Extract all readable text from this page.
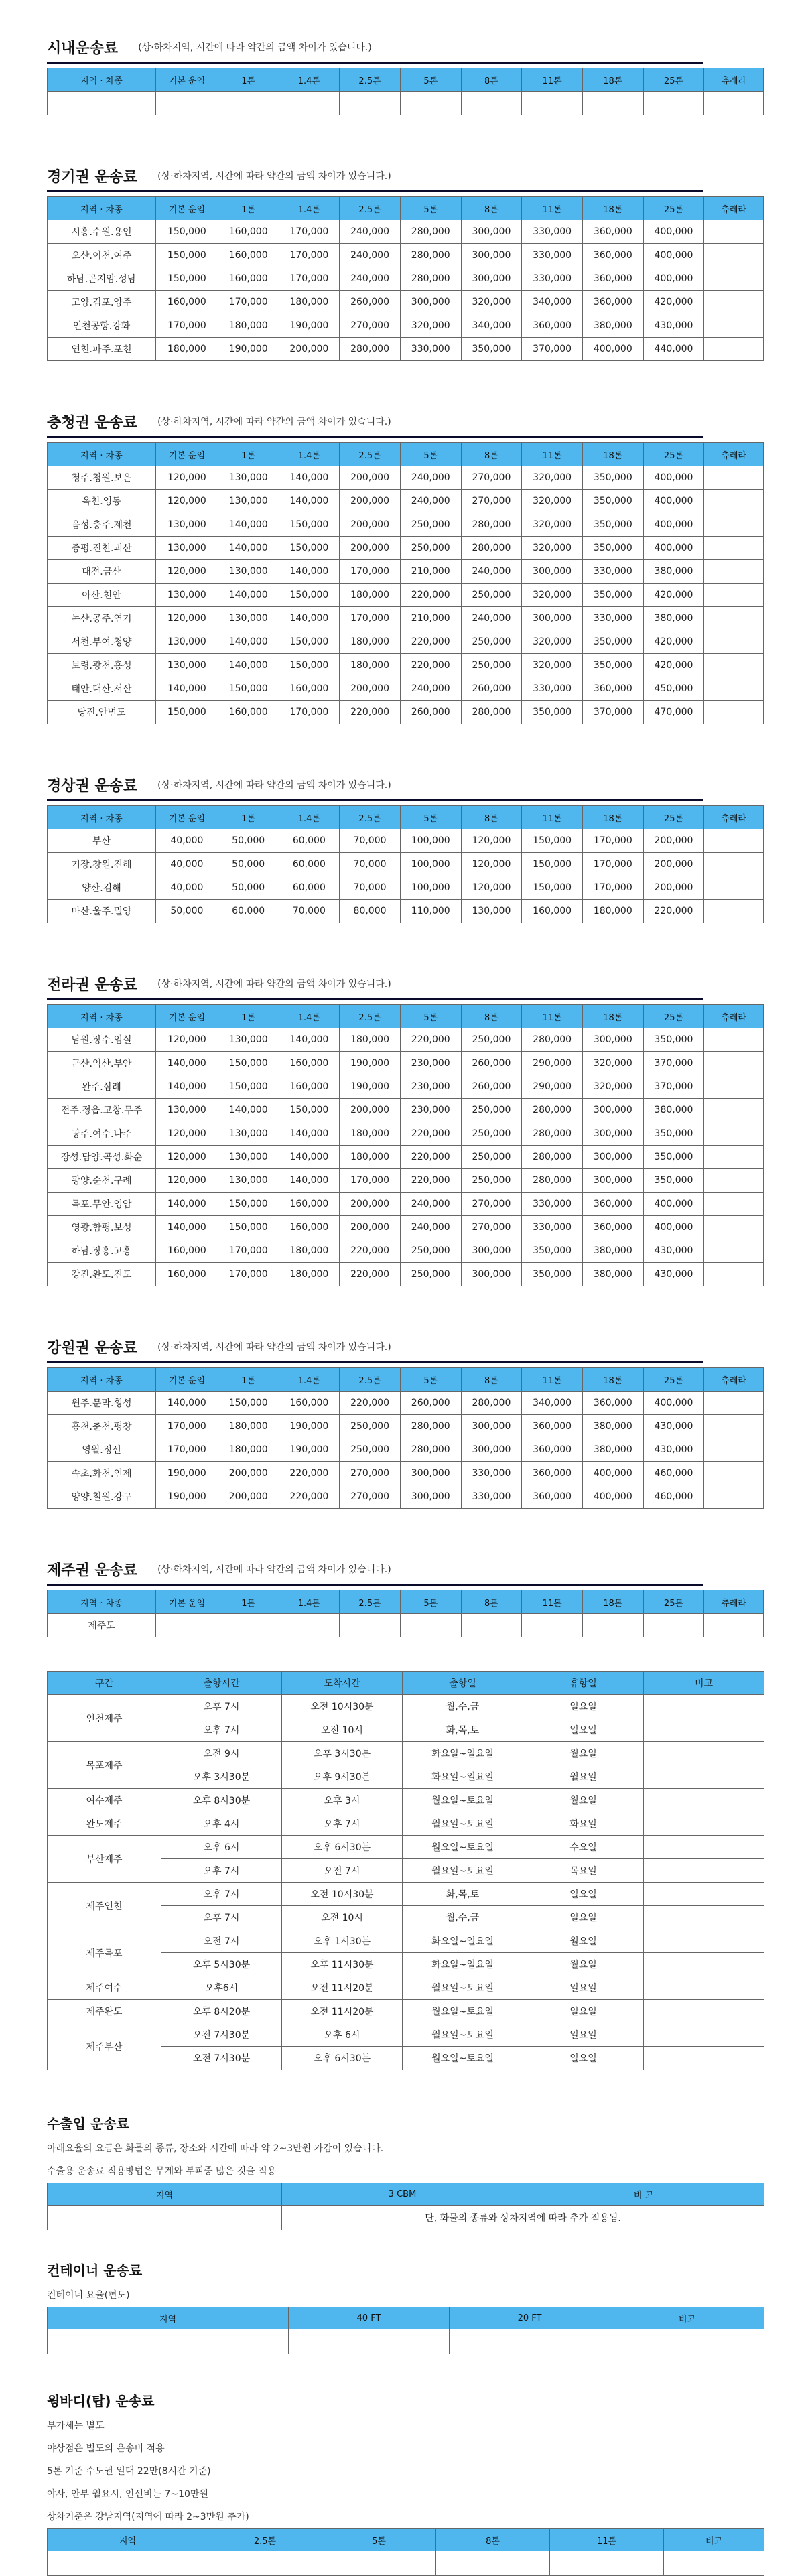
시내운송료 (상·하차지역, 시간에 따라 약간의 금액 차이가 있습니다.)
지역 · 차종	기본 운임	1톤	1.4톤	2.5톤	5톤	8톤	11톤	18톤	25톤	츄레라

경기권 운송료 (상·하차지역, 시간에 따라 약간의 금액 차이가 있습니다.)
지역 · 차종	기본 운임	1톤	1.4톤	2.5톤	5톤	8톤	11톤	18톤	25톤	츄레라
시흥.수원.용인	150,000	160,000	170,000	240,000	280,000	300,000	330,000	360,000	400,000	
오산.이천.여주	150,000	160,000	170,000	240,000	280,000	300,000	330,000	360,000	400,000	
하남.곤지암.성남	150,000	160,000	170,000	240,000	280,000	300,000	330,000	360,000	400,000	
고양.김포.양주	160,000	170,000	180,000	260,000	300,000	320,000	340,000	360,000	420,000	
인천공항.강화	170,000	180,000	190,000	270,000	320,000	340,000	360,000	380,000	430,000	
연천.파주.포천	180,000	190,000	200,000	280,000	330,000	350,000	370,000	400,000	440,000	
충청권 운송료 (상·하차지역, 시간에 따라 약간의 금액 차이가 있습니다.)
지역 · 차종	기본 운임	1톤	1.4톤	2.5톤	5톤	8톤	11톤	18톤	25톤	츄레라
청주.청원.보은	120,000	130,000	140,000	200,000	240,000	270,000	320,000	350,000	400,000	
옥천.영동	120,000	130,000	140,000	200,000	240,000	270,000	320,000	350,000	400,000	
음성.충주.제천	130,000	140,000	150,000	200,000	250,000	280,000	320,000	350,000	400,000	
증평.진천.괴산	130,000	140,000	150,000	200,000	250,000	280,000	320,000	350,000	400,000	
대전.금산	120,000	130,000	140,000	170,000	210,000	240,000	300,000	330,000	380,000	
아산.천안	130,000	140,000	150,000	180,000	220,000	250,000	320,000	350,000	420,000	
논산.공주.연기	120,000	130,000	140,000	170,000	210,000	240,000	300,000	330,000	380,000	
서천.부여.청양	130,000	140,000	150,000	180,000	220,000	250,000	320,000	350,000	420,000	
보령.광천.홍성	130,000	140,000	150,000	180,000	220,000	250,000	320,000	350,000	420,000	
태안.대산.서산	140,000	150,000	160,000	200,000	240,000	260,000	330,000	360,000	450,000	
당진.안면도	150,000	160,000	170,000	220,000	260,000	280,000	350,000	370,000	470,000	
경상권 운송료 (상·하차지역, 시간에 따라 약간의 금액 차이가 있습니다.)
지역 · 차종	기본 운임	1톤	1.4톤	2.5톤	5톤	8톤	11톤	18톤	25톤	츄레라
부산	40,000	50,000	60,000	70,000	100,000	120,000	150,000	170,000	200,000	
기장.창원.진해	40,000	50,000	60,000	70,000	100,000	120,000	150,000	170,000	200,000	
양산.김해	40,000	50,000	60,000	70,000	100,000	120,000	150,000	170,000	200,000	
마산.울주.밀양	50,000	60,000	70,000	80,000	110,000	130,000	160,000	180,000	220,000	
전라권 운송료 (상·하차지역, 시간에 따라 약간의 금액 차이가 있습니다.)
지역 · 차종	기본 운임	1톤	1.4톤	2.5톤	5톤	8톤	11톤	18톤	25톤	츄레라
남원.장수.임실	120,000	130,000	140,000	180,000	220,000	250,000	280,000	300,000	350,000	
군산.익산.부안	140,000	150,000	160,000	190,000	230,000	260,000	290,000	320,000	370,000	
완주.삼례	140,000	150,000	160,000	190,000	230,000	260,000	290,000	320,000	370,000	
전주.정읍.고창.무주	130,000	140,000	150,000	200,000	230,000	250,000	280,000	300,000	380,000	
광주.여수.나주	120,000	130,000	140,000	180,000	220,000	250,000	280,000	300,000	350,000	
장성.담양.곡성.화순	120,000	130,000	140,000	180,000	220,000	250,000	280,000	300,000	350,000	
광양.순천.구례	120,000	130,000	140,000	170,000	220,000	250,000	280,000	300,000	350,000	
목포.무안.영암	140,000	150,000	160,000	200,000	240,000	270,000	330,000	360,000	400,000	
영광.함평.보성	140,000	150,000	160,000	200,000	240,000	270,000	330,000	360,000	400,000	
하남.장흥.고흥	160,000	170,000	180,000	220,000	250,000	300,000	350,000	380,000	430,000	
강진.완도.진도	160,000	170,000	180,000	220,000	250,000	300,000	350,000	380,000	430,000	
강원권 운송료 (상·하차지역, 시간에 따라 약간의 금액 차이가 있습니다.)
지역 · 차종	기본 운임	1톤	1.4톤	2.5톤	5톤	8톤	11톤	18톤	25톤	츄레라
원주.문막.횡성	140,000	150,000	160,000	220,000	260,000	280,000	340,000	360,000	400,000	
홍천.춘천.평창	170,000	180,000	190,000	250,000	280,000	300,000	360,000	380,000	430,000	
영월.정선	170,000	180,000	190,000	250,000	280,000	300,000	360,000	380,000	430,000	
속초.화천.인제	190,000	200,000	220,000	270,000	300,000	330,000	360,000	400,000	460,000	
양양.철원.강구	190,000	200,000	220,000	270,000	300,000	330,000	360,000	400,000	460,000	
제주권 운송료 (상·하차지역, 시간에 따라 약간의 금액 차이가 있습니다.)
지역 · 차종	기본 운임	1톤	1.4톤	2.5톤	5톤	8톤	11톤	18톤	25톤	츄레라
제주도										
구간	출항시간	도착시간	출항일	휴항일	비고
인천제주	오후 7시	오전 10시30분	월,수,금	일요일	
	오후 7시	오전 10시	화,목,토	일요일	
목포제주	오전 9시	오후 3시30분	화요일~일요일	월요일	
	오후 3시30분	오후 9시30분	화요일~일요일	월요일	
여수제주	오후 8시30분	오후 3시	월요일~토요일	월요일	
완도제주	오후 4시	오후 7시	월요일~토요일	화요일	
부산제주	오후 6시	오후 6시30분	월요일~토요일	수요일	
	오후 7시	오전 7시	월요일~토요일	목요일	
제주인천	오후 7시	오전 10시30분	화,목,토	일요일	
	오후 7시	오전 10시	월,수,금	일요일	
제주목포	오전 7시	오후 1시30분	화요일~일요일	월요일	
	오후 5시30분	오후 11시30분	화요일~일요일	월요일	
제주여수	오후6시	오전 11시20분	월요일~토요일	일요일	
제주완도	오후 8시20분	오전 11시20분	월요일~토요일	일요일	
제주부산	오전 7시30분	오후 6시	월요일~토요일	일요일	
	오전 7시30분	오후 6시30분	월요일~토요일	일요일	
수출입 운송료
아래요율의 요금은 화물의 종류, 장소와 시간에 따라 약 2~3만원 가감이 있습니다.
수출용 운송료 적용방법은 무게와 부피중 많은 것을 적용
지역	3 CBM	비 고
	단, 화물의 종류와 상차지역에 따라 추가 적용됨.	
컨테이너 운송료
컨테이너 요율(편도)
지역	40 FT	20 FT	비고

윙바디(탑) 운송료
부가세는 별도
야상점은 별도의 운송비 적용
5톤 기준 수도권 일대 22만(8시간 기준)
야사, 안부 월요시, 인선비는 7~10만원
상차기준은 강남지역(지역에 따라 2~3만원 추가)
지역	2.5톤	5톤	8톤	11톤	비고
